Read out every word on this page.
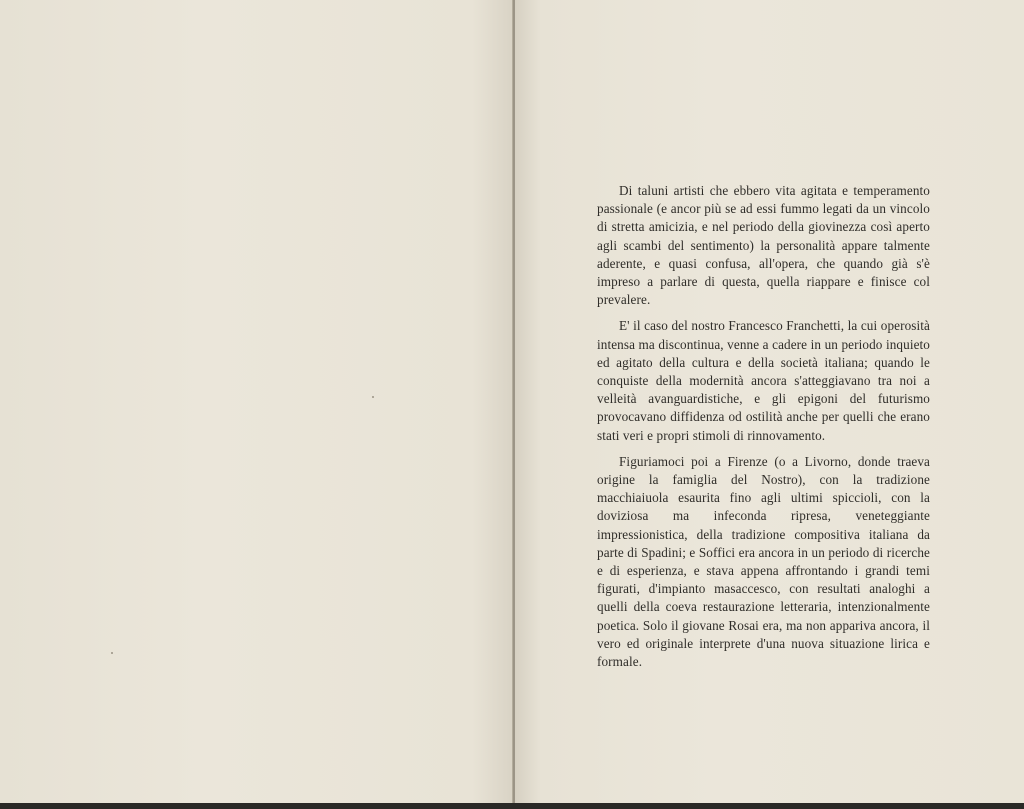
Di taluni artisti che ebbero vita agitata e temperamento passionale (e ancor più se ad essi fummo legati da un vincolo di stretta amicizia, e nel periodo della giovinezza così aperto agli scambi del sentimento) la personalità appare talmente aderente, e quasi confusa, all'opera, che quando già s'è impreso a parlare di questa, quella riappare e finisce col prevalere.

E' il caso del nostro Francesco Franchetti, la cui operosità intensa ma discontinua, venne a cadere in un periodo inquieto ed agitato della cultura e della società italiana; quando le conquiste della modernità ancora s'atteggiavano tra noi a velleità avanguardistiche, e gli epigoni del futurismo provocavano diffidenza od ostilità anche per quelli che erano stati veri e propri stimoli di rinnovamento.

Figuriamoci poi a Firenze (o a Livorno, donde traeva origine la famiglia del Nostro), con la tradizione macchiaiuola esaurita fino agli ultimi spiccioli, con la doviziosa ma infeconda ripresa, veneteggiante impressionistica, della tradizione compositiva italiana da parte di Spadini; e Soffici era ancora in un periodo di ricerche e di esperienza, e stava appena affrontando i grandi temi figurati, d'impianto masaccesco, con resultati analoghi a quelli della coeva restaurazione letteraria, intenzionalmente poetica. Solo il giovane Rosai era, ma non appariva ancora, il vero ed originale interprete d'una nuova situazione lirica e formale.
